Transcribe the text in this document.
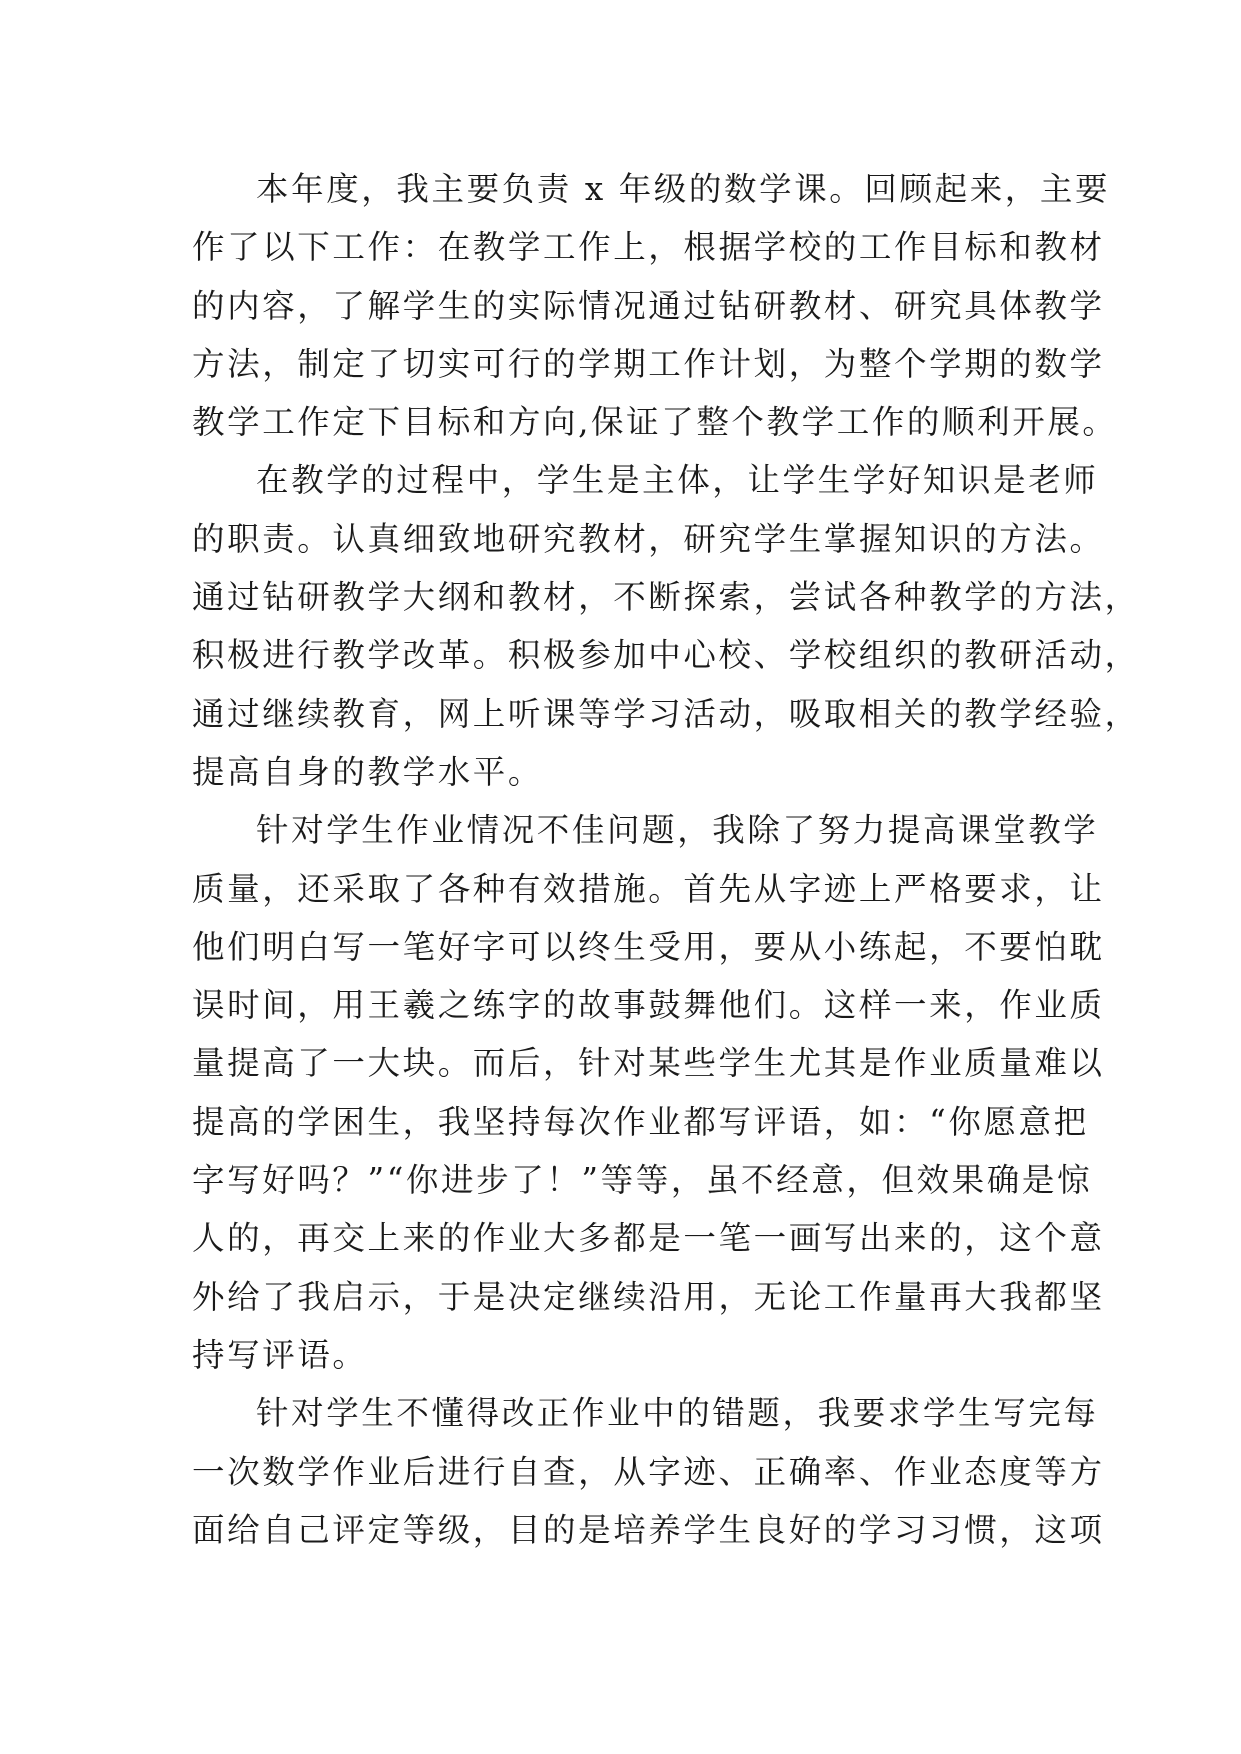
本年度，我主要负责 x 年级的数学课。回顾起来，主要
作了以下工作：在教学工作上，根据学校的工作目标和教材
的内容，了解学生的实际情况通过钻研教材、研究具体教学
方法，制定了切实可行的学期工作计划，为整个学期的数学
教学工作定下目标和方向,保证了整个教学工作的顺利开展。
在教学的过程中，学生是主体，让学生学好知识是老师
的职责。认真细致地研究教材，研究学生掌握知识的方法。
通过钻研教学大纲和教材，不断探索，尝试各种教学的方法，
积极进行教学改革。积极参加中心校、学校组织的教研活动，
通过继续教育，网上听课等学习活动，吸取相关的教学经验，
提高自身的教学水平。
针对学生作业情况不佳问题，我除了努力提高课堂教学
质量，还采取了各种有效措施。首先从字迹上严格要求，让
他们明白写一笔好字可以终生受用，要从小练起，不要怕耽
误时间，用王羲之练字的故事鼓舞他们。这样一来，作业质
量提高了一大块。而后，针对某些学生尤其是作业质量难以
提高的学困生，我坚持每次作业都写评语，如：“你愿意把
字写好吗？”“你进步了！”等等，虽不经意，但效果确是惊
人的，再交上来的作业大多都是一笔一画写出来的，这个意
外给了我启示，于是决定继续沿用，无论工作量再大我都坚
持写评语。
针对学生不懂得改正作业中的错题，我要求学生写完每
一次数学作业后进行自查，从字迹、正确率、作业态度等方
面给自己评定等级，目的是培养学生良好的学习习惯，这项
